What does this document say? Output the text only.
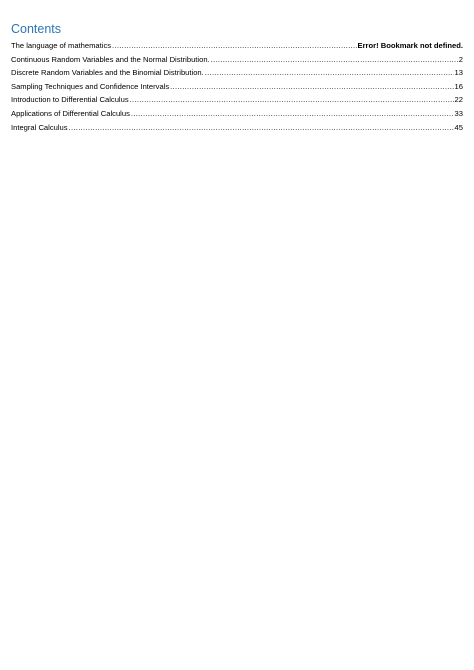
Contents
The language of mathematics .....	Error! Bookmark not defined.
Continuous Random Variables and the Normal Distribution. .....	2
Discrete Random Variables and the Binomial Distribution. .....	13
Sampling Techniques and Confidence Intervals .....	16
Introduction to Differential Calculus .....	22
Applications of Differential Calculus .....	33
Integral Calculus .....	45
